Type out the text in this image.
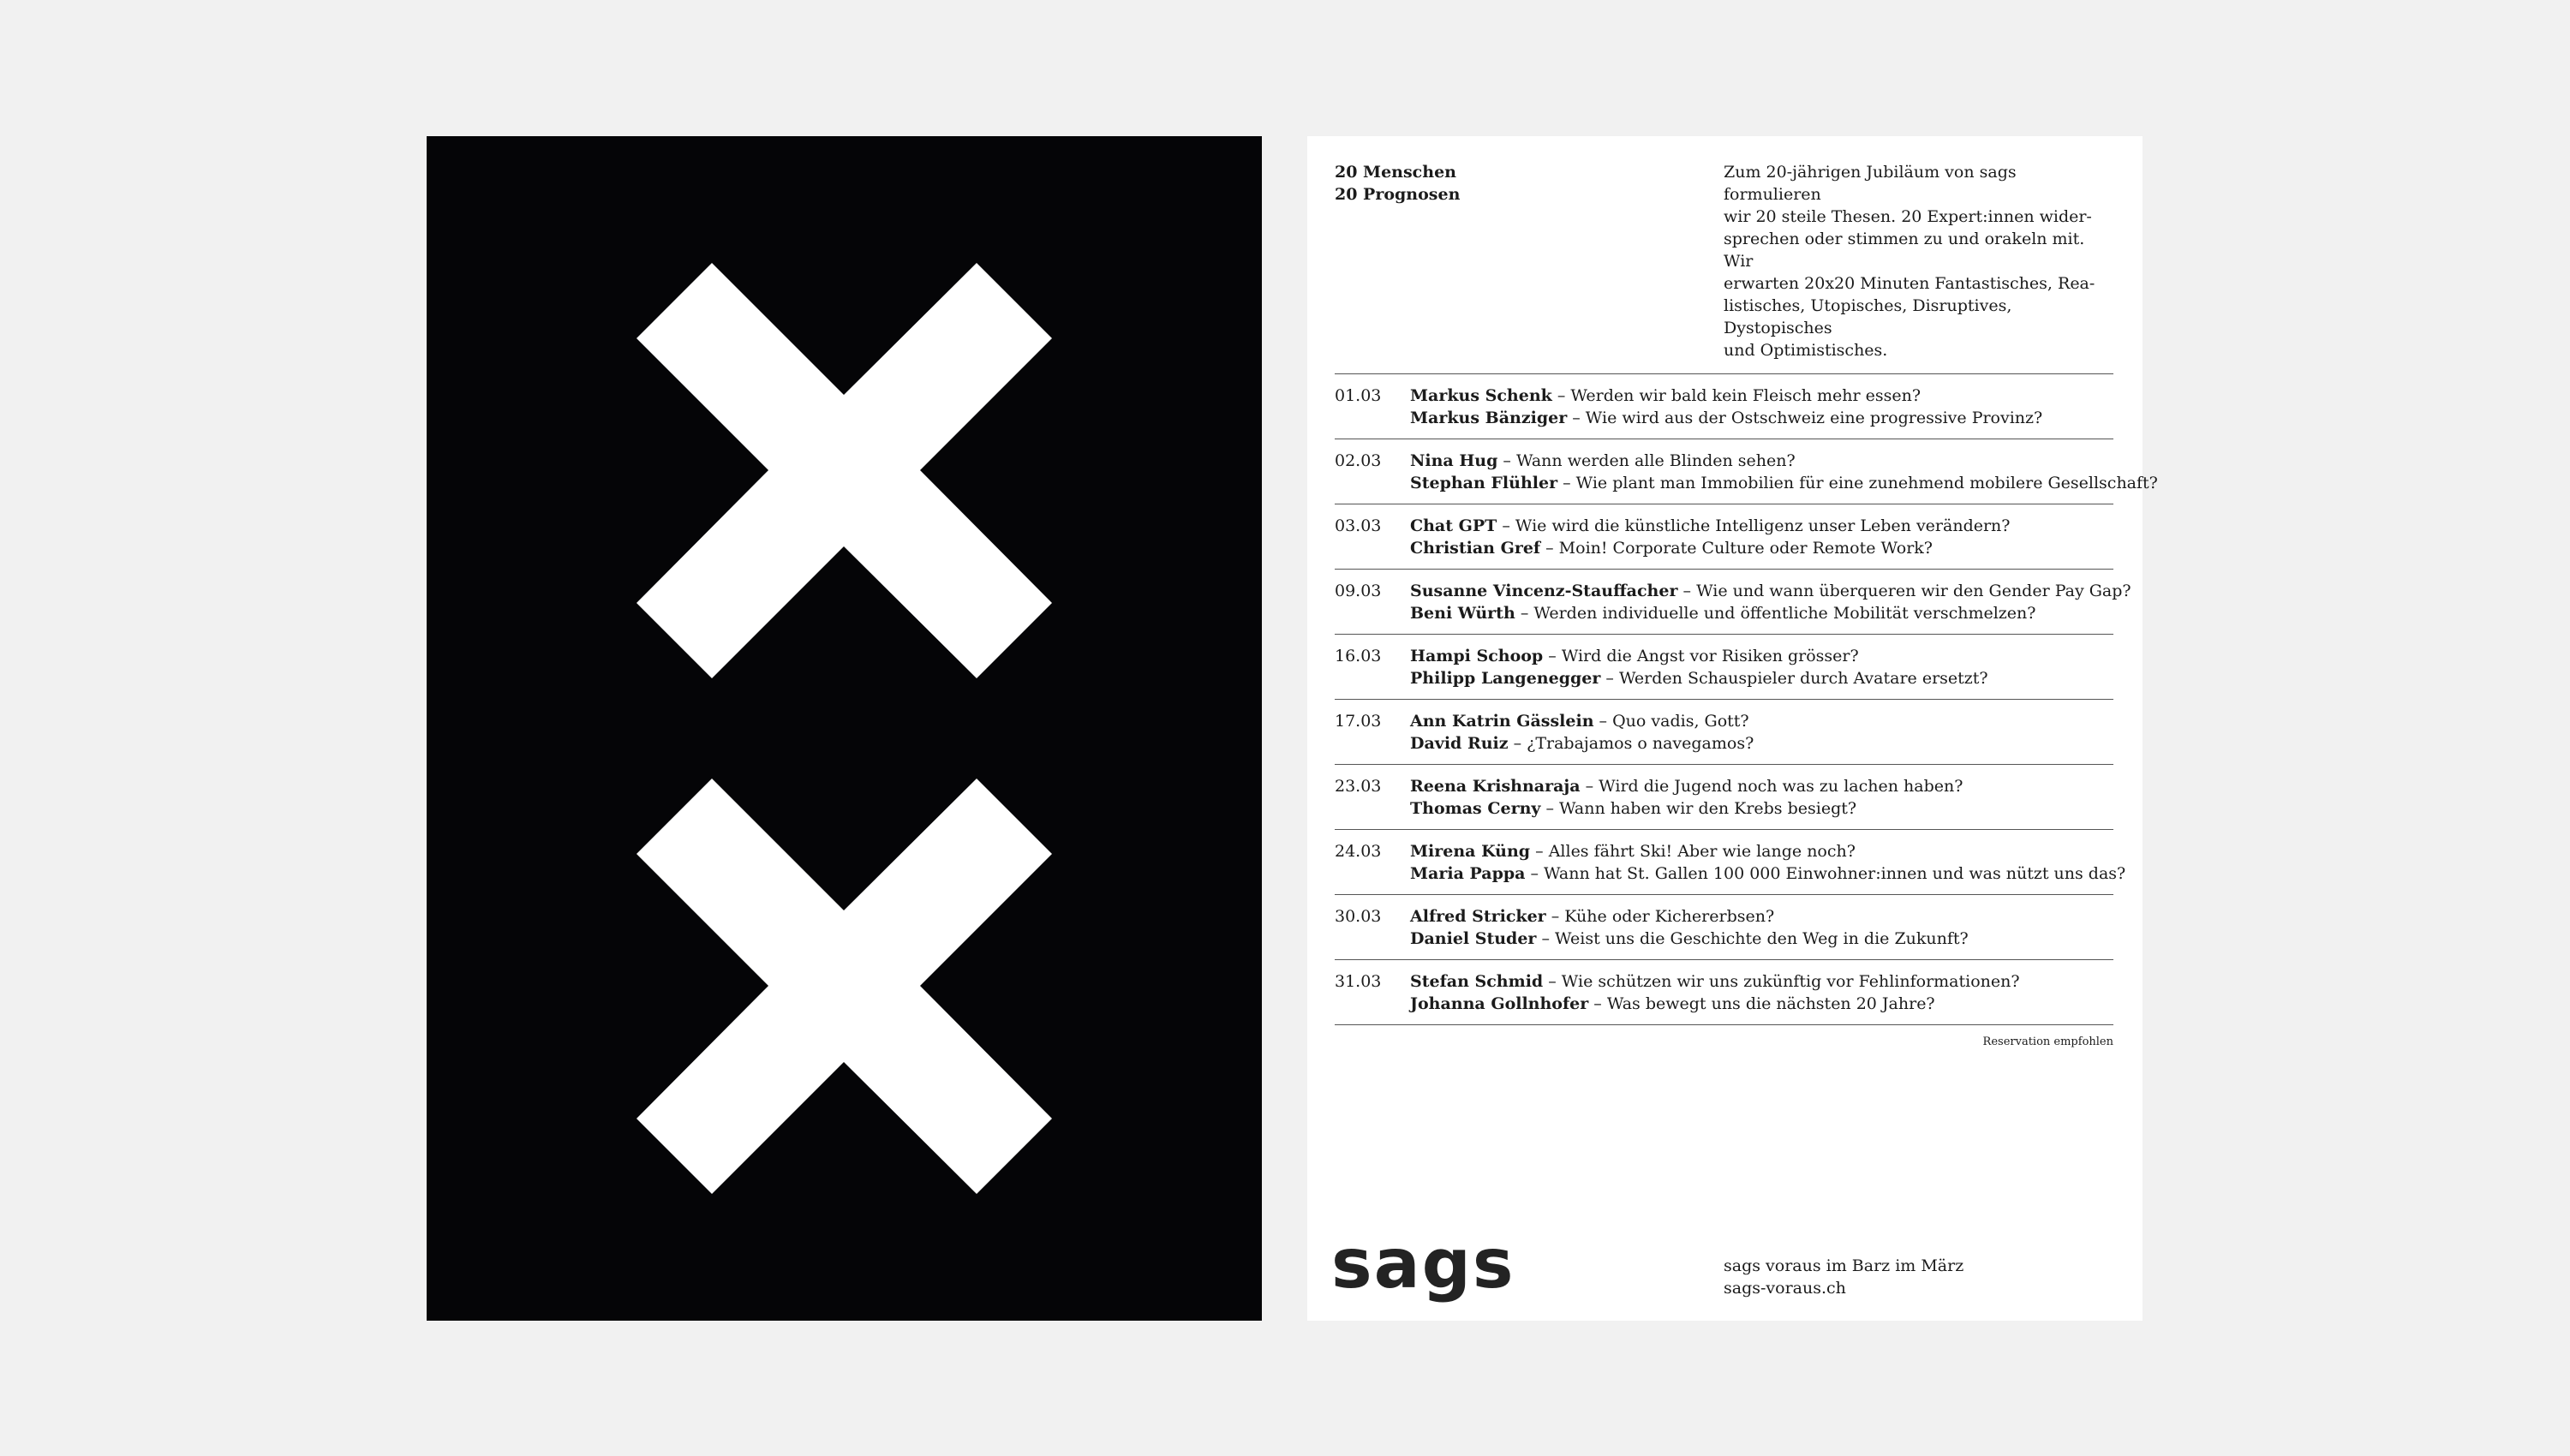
20 Menschen
20 Prognosen
Zum 20-jährigen Jubiläum von sags formulieren
wir 20 steile Thesen. 20 Expert:innen wider-
sprechen oder stimmen zu und orakeln mit. Wir
erwarten 20x20 Minuten Fantastisches, Rea-
listisches, Utopisches, Disruptives, Dystopisches
und Optimistisches.
01.03 Markus Schenk – Werden wir bald kein Fleisch mehr essen?
Markus Bänziger – Wie wird aus der Ostschweiz eine progressive Provinz?
02.03 Nina Hug – Wann werden alle Blinden sehen?
Stephan Flühler – Wie plant man Immobilien für eine zunehmend mobilere Gesellschaft?
03.03 Chat GPT – Wie wird die künstliche Intelligenz unser Leben verändern?
Christian Gref – Moin! Corporate Culture oder Remote Work?
09.03 Susanne Vincenz-Stauffacher – Wie und wann überqueren wir den Gender Pay Gap?
Beni Würth – Werden individuelle und öffentliche Mobilität verschmelzen?
16.03 Hampi Schoop – Wird die Angst vor Risiken grösser?
Philipp Langenegger – Werden Schauspieler durch Avatare ersetzt?
17.03 Ann Katrin Gässlein – Quo vadis, Gott?
David Ruiz – ¿Trabajamos o navegamos?
23.03 Reena Krishnaraja – Wird die Jugend noch was zu lachen haben?
Thomas Cerny – Wann haben wir den Krebs besiegt?
24.03 Mirena Küng – Alles fährt Ski! Aber wie lange noch?
Maria Pappa – Wann hat St. Gallen 100 000 Einwohner:innen und was nützt uns das?
30.03 Alfred Stricker – Kühe oder Kichererbsen?
Daniel Studer – Weist uns die Geschichte den Weg in die Zukunft?
31.03 Stefan Schmid – Wie schützen wir uns zukünftig vor Fehlinformationen?
Johanna Gollnhofer – Was bewegt uns die nächsten 20 Jahre?
Reservation empfohlen
sags	sags voraus im Barz im März
sags-voraus.ch
